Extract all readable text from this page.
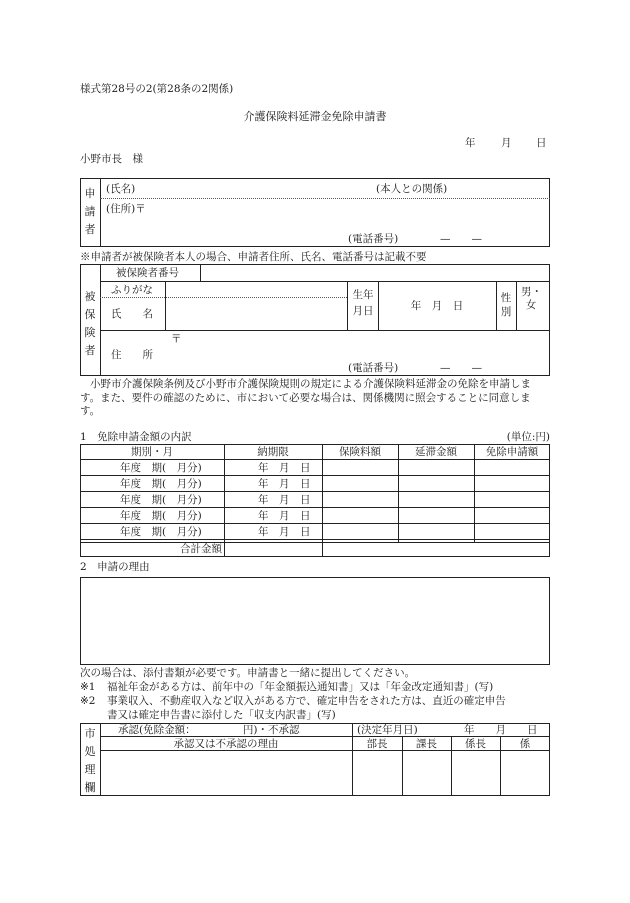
様式第28号の2(第28条の2関係)
介護保険料延滞金免除申請書
年 月 日
小野市長　様
申請者
(氏名)	(本人との関係)
(住所)〒
(電話番号)	—　　—
※申請者が被保険者本人の場合、申請者住所、氏名、電話番号は記載不要
被保険者
被保険者番号
ふりがな
氏　　名
生年月日	年　月　日
性別
男・女
住　　所
〒
(電話番号)	—　　—
小野市介護保険条例及び小野市介護保険規則の規定による介護保険料延滞金の免除を申請します。また、要件の確認のために、市において必要な場合は、関係機関に照会することに同意します。
1　免除申請金額の内訳	(単位:円)
期別・月	納期限	保険料額	延滞金額	免除申請額
年度　期(　月分)	年　月　日
年度　期(　月分)	年　月　日
年度　期(　月分)	年　月　日
年度　期(　月分)	年　月　日
年度　期(　月分)	年　月　日
合計金額
2　申請の理由
次の場合は、添付書類が必要です。申請書と一緒に提出してください。
※1 福祉年金がある方は、前年中の「年金額振込通知書」又は「年金改定通知書」(写)
※2 事業収入、不動産収入など収入がある方で、確定申告をされた方は、直近の確定申告
書又は確定申告書に添付した「収支内訳書」(写)
市処理欄
承認(免除金額：　　　　　円)・不承認	(決定年月日)	年　　月　　日
承認又は不承認の理由	部長	課長	係長	係
